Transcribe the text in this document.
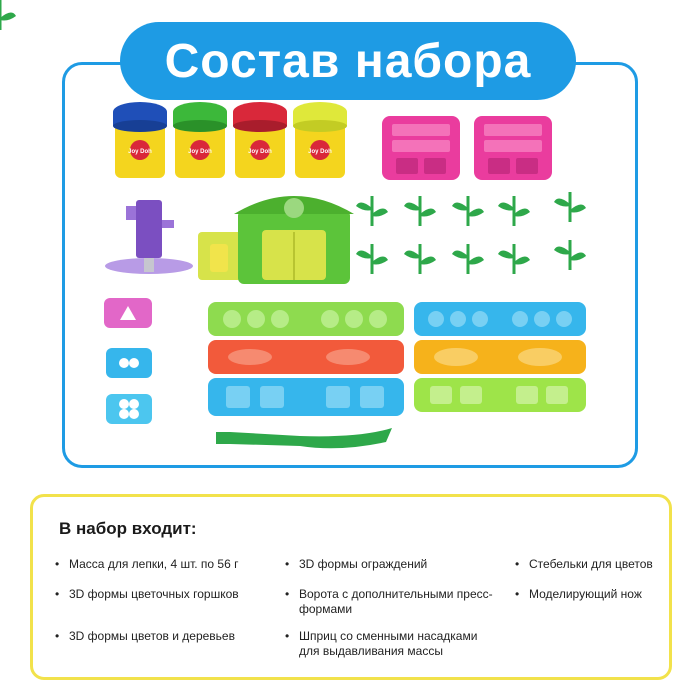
Состав набора
Joy Doh	Joy Doh	Joy Doh	Joy Doh
В набор входит:
• Масса для лепки, 4 шт. по 56 г
• 3D формы цветочных горшков
• 3D формы цветов и деревьев
• 3D формы ограждений
• Ворота с дополнительными пресс-формами
• Шприц со сменными насадками для выдавливания массы
• Стебельки для цветов
• Моделирующий нож
